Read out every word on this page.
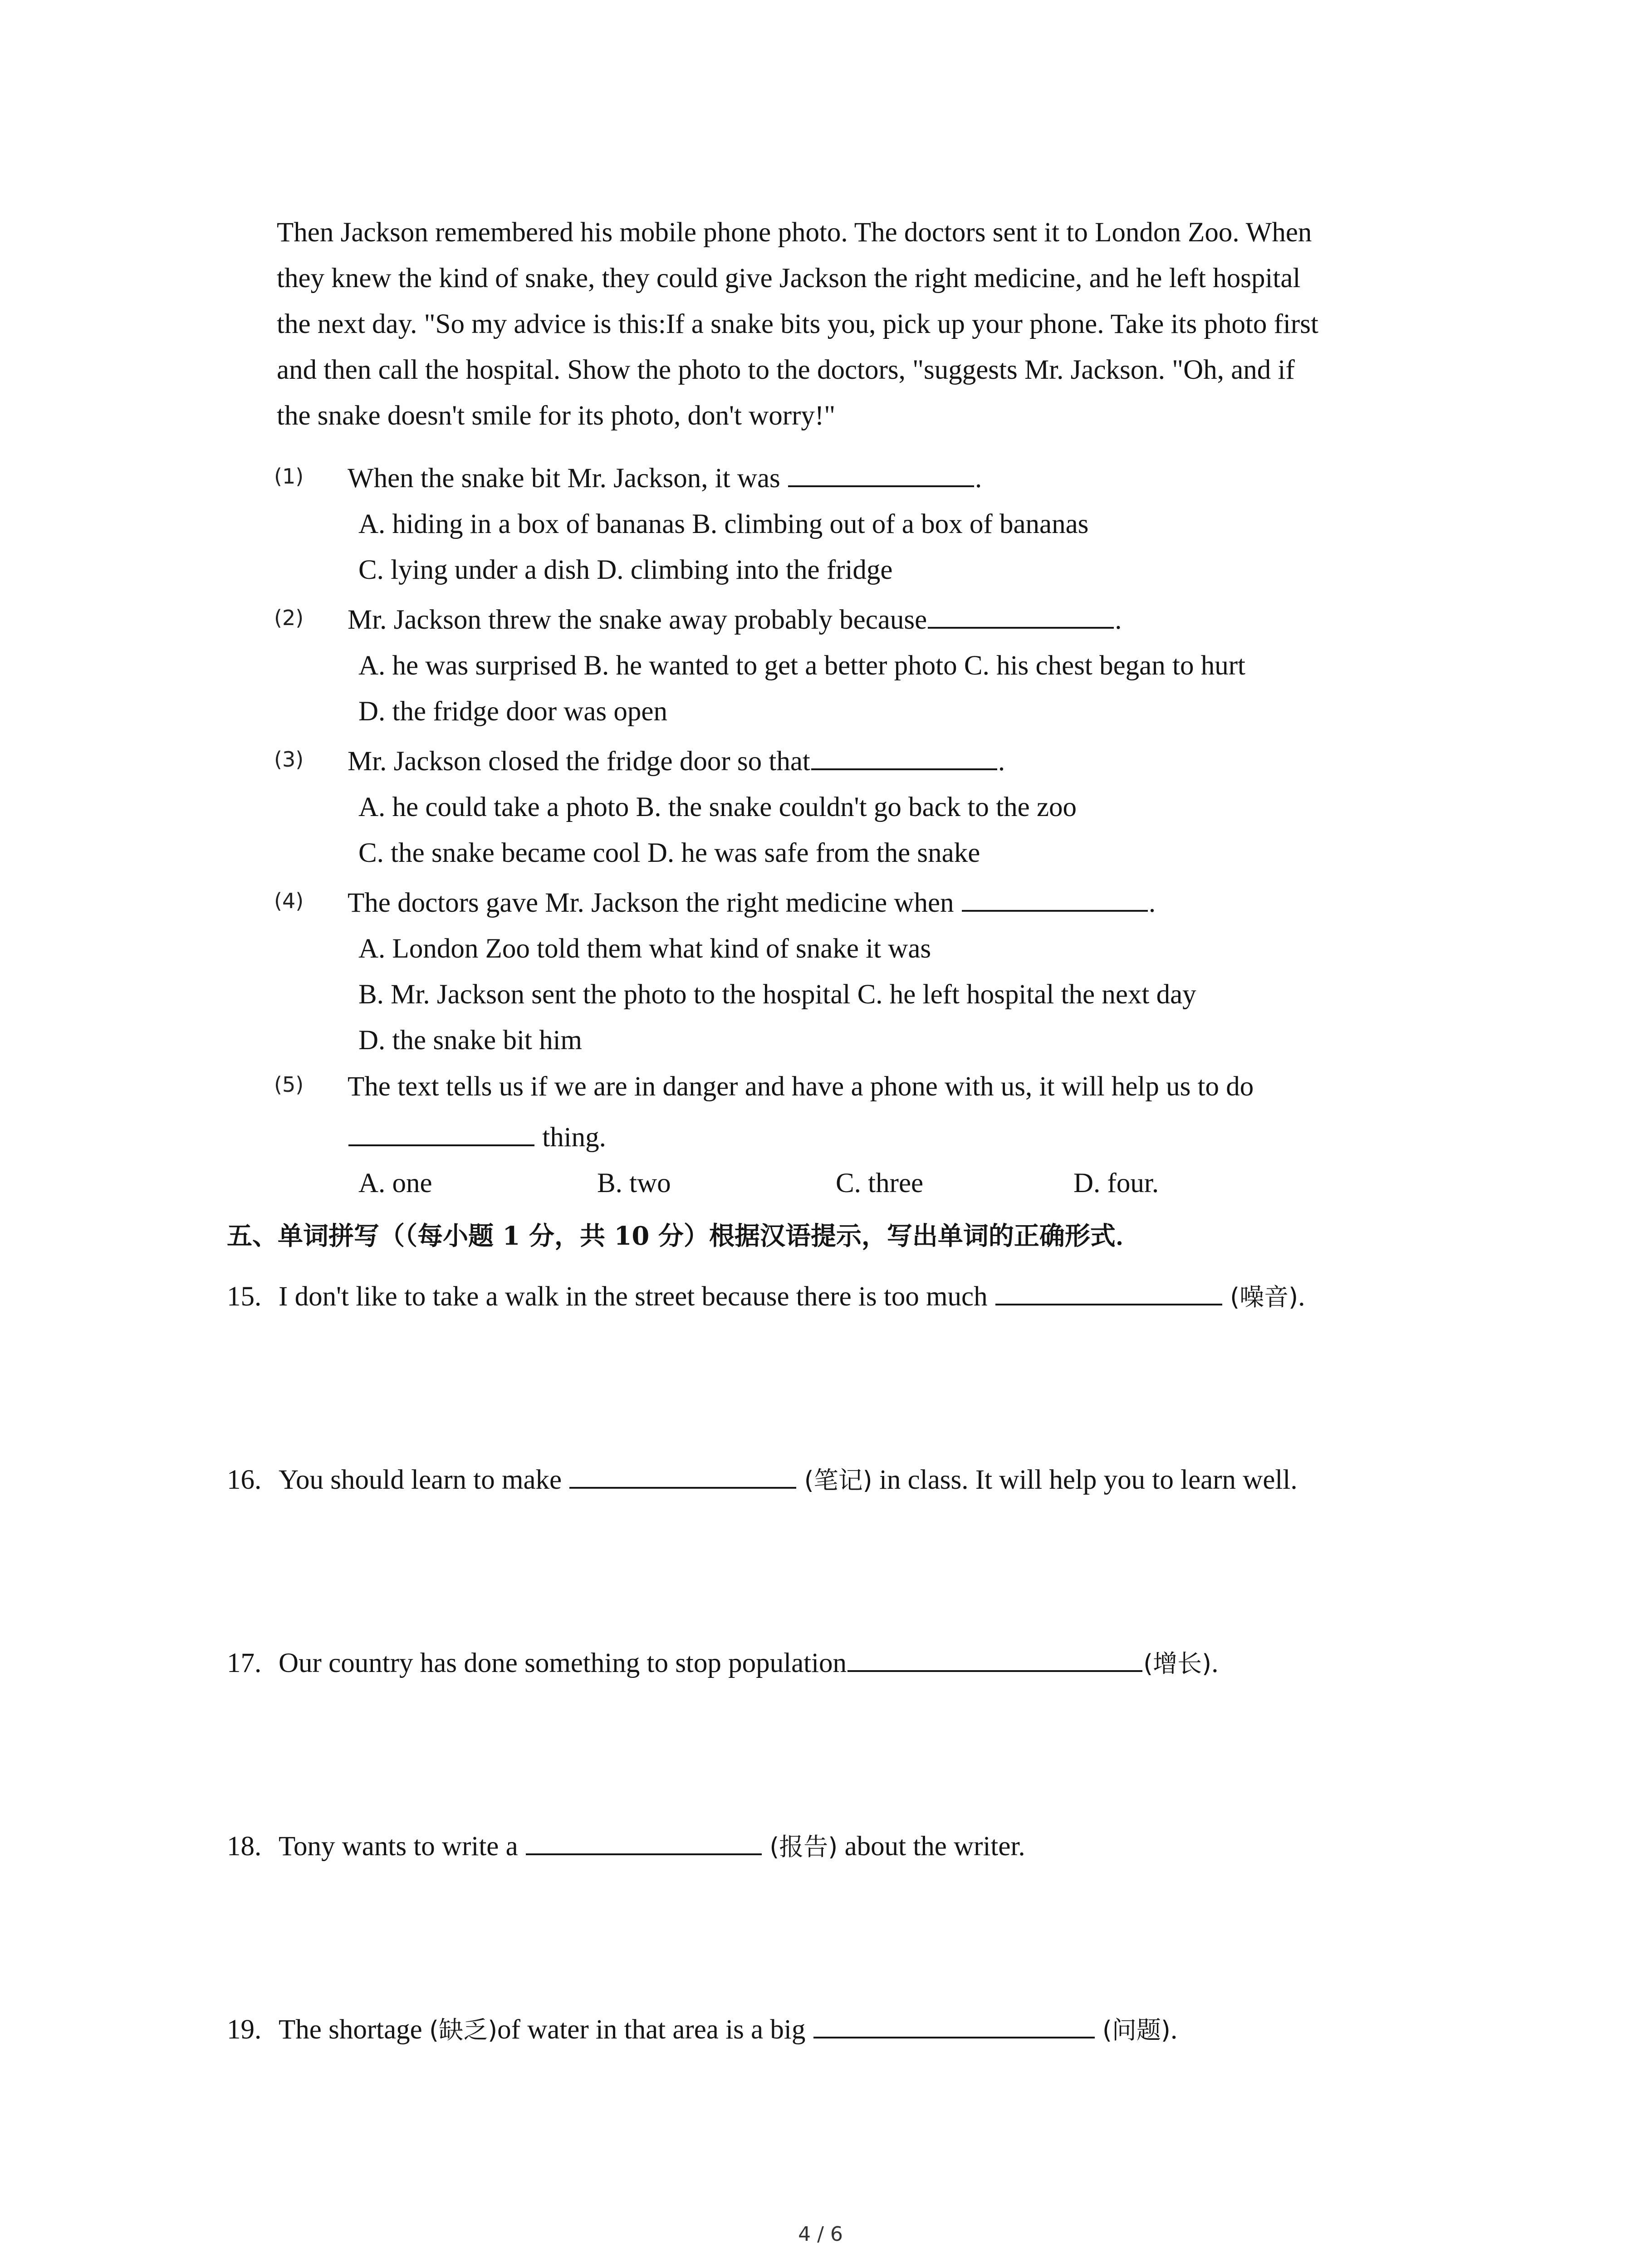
Then Jackson remembered his mobile phone photo. The doctors sent it to London Zoo. When

they knew the kind of snake, they could give Jackson the right medicine, and he left hospital

the next day. "So my advice is this:If a snake bits you, pick up your phone. Take its photo first

and then call the hospital. Show the photo to the doctors, "suggests Mr. Jackson. "Oh, and if

the snake doesn't smile for its photo, don't worry!"

(1)	When the snake bit Mr. Jackson, it was	.
A. hiding in a box of bananas B. climbing out of a box of bananas
C. lying under a dish D. climbing into the fridge
(2)	Mr. Jackson threw the snake away probably because	.
A. he was surprised B. he wanted to get a better photo C. his chest began to hurt
D. the fridge door was open
(3)	Mr. Jackson closed the fridge door so that	.
A. he could take a photo B. the snake couldn't go back to the zoo
C. the snake became cool D. he was safe from the snake
(4)	The doctors gave Mr. Jackson the right medicine when	.
A. London Zoo told them what kind of snake it was
B. Mr. Jackson sent the photo to the hospital C. he left hospital the next day
D. the snake bit him
(5)	The text tells us if we are in danger and have a phone with us, it will help us to do
thing.
A. one	B. two	C. three	D. four.
五、单词拼写（（每小题 1 分，共 10 分）根据汉语提示，写出单词的正确形式．
15. I don't like to take a walk in the street because there is too much	(噪音).
16. You should learn to make	(笔记) in class. It will help you to learn well.
17. Our country has done something to stop population	(增长).
18. Tony wants to write a	(报告) about the writer.
19. The shortage (缺乏)of water in that area is a big	(问题).
4 / 6
